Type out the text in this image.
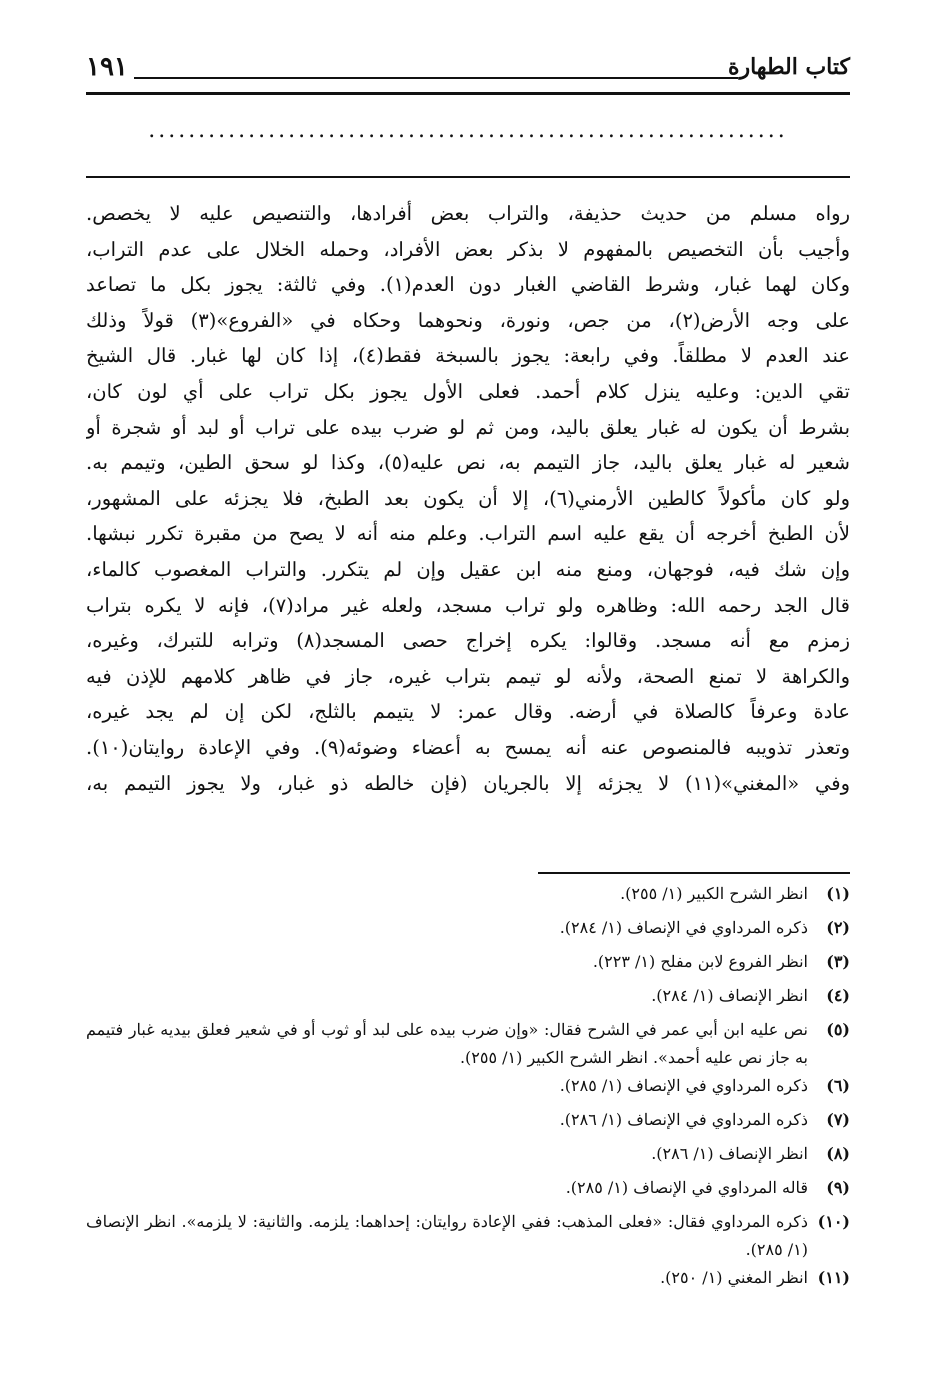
كتاب الطهارة
١٩١
................................................................
رواه مسلم من حديث حذيفة، والتراب بعض أفرادها، والتنصيص عليه لا يخصص.
وأجيب بأن التخصيص بالمفهوم لا بذكر بعض الأفراد، وحمله الخلال على عدم التراب،
وكان لهما غبار، وشرط القاضي الغبار دون العدم(١). وفي ثالثة: يجوز بكل ما تصاعد
على وجه الأرض(٢)، من جص، ونورة، ونحوهما وحكاه في «الفروع»(٣) قولاً وذلك
عند العدم لا مطلقاً. وفي رابعة: يجوز بالسبخة فقط(٤)، إذا كان لها غبار. قال الشيخ
تقي الدين: وعليه ينزل كلام أحمد. فعلى الأول يجوز بكل تراب على أي لون كان،
بشرط أن يكون له غبار يعلق باليد، ومن ثم لو ضرب بيده على تراب أو لبد أو شجرة أو
شعير له غبار يعلق باليد، جاز التيمم به، نص عليه(٥)، وكذا لو سحق الطين، وتيمم به.
ولو كان مأكولاً كالطين الأرمني(٦)، إلا أن يكون بعد الطبخ، فلا يجزئه على المشهور،
لأن الطبخ أخرجه أن يقع عليه اسم التراب. وعلم منه أنه لا يصح من مقبرة تكرر نبشها.
وإن شك فيه، فوجهان، ومنع منه ابن عقيل وإن لم يتكرر. والتراب المغصوب كالماء،
قال الجد رحمه الله: وظاهره ولو تراب مسجد، ولعله غير مراد(٧)، فإنه لا يكره بتراب
زمزم مع أنه مسجد. وقالوا: يكره إخراج حصى المسجد(٨) وترابه للتبرك، وغيره،
والكراهة لا تمنع الصحة، ولأنه لو تيمم بتراب غيره، جاز في ظاهر كلامهم للإذن فيه
عادة وعرفاً كالصلاة في أرضه. وقال عمر: لا يتيمم بالثلج، لكن إن لم يجد غيره،
وتعذر تذويبه فالمنصوص عنه أنه يمسح به أعضاء وضوئه(٩). وفي الإعادة روايتان(١٠).
وفي «المغني»(١١) لا يجزئه إلا بالجريان (فإن خالطه ذو غبار، ولا يجوز التيمم به،
(١)
انظر الشرح الكبير (١/ ٢٥٥).
(٢)
ذكره المرداوي في الإنصاف (١/ ٢٨٤).
(٣)
انظر الفروع لابن مفلح (١/ ٢٢٣).
(٤)
انظر الإنصاف (١/ ٢٨٤).
(٥)
نص عليه ابن أبي عمر في الشرح فقال: «وإن ضرب بيده على لبد أو ثوب أو في شعير فعلق بيديه غبار فتيمم به جاز نص عليه أحمد». انظر الشرح الكبير (١/ ٢٥٥).
(٦)
ذكره المرداوي في الإنصاف (١/ ٢٨٥).
(٧)
ذكره المرداوي في الإنصاف (١/ ٢٨٦).
(٨)
انظر الإنصاف (١/ ٢٨٦).
(٩)
قاله المرداوي في الإنصاف (١/ ٢٨٥).
(١٠)
ذكره المرداوي فقال: «فعلى المذهب: ففي الإعادة روايتان: إحداهما: يلزمه. والثانية: لا يلزمه». انظر الإنصاف (١/ ٢٨٥).
(١١)
انظر المغني (١/ ٢٥٠).
